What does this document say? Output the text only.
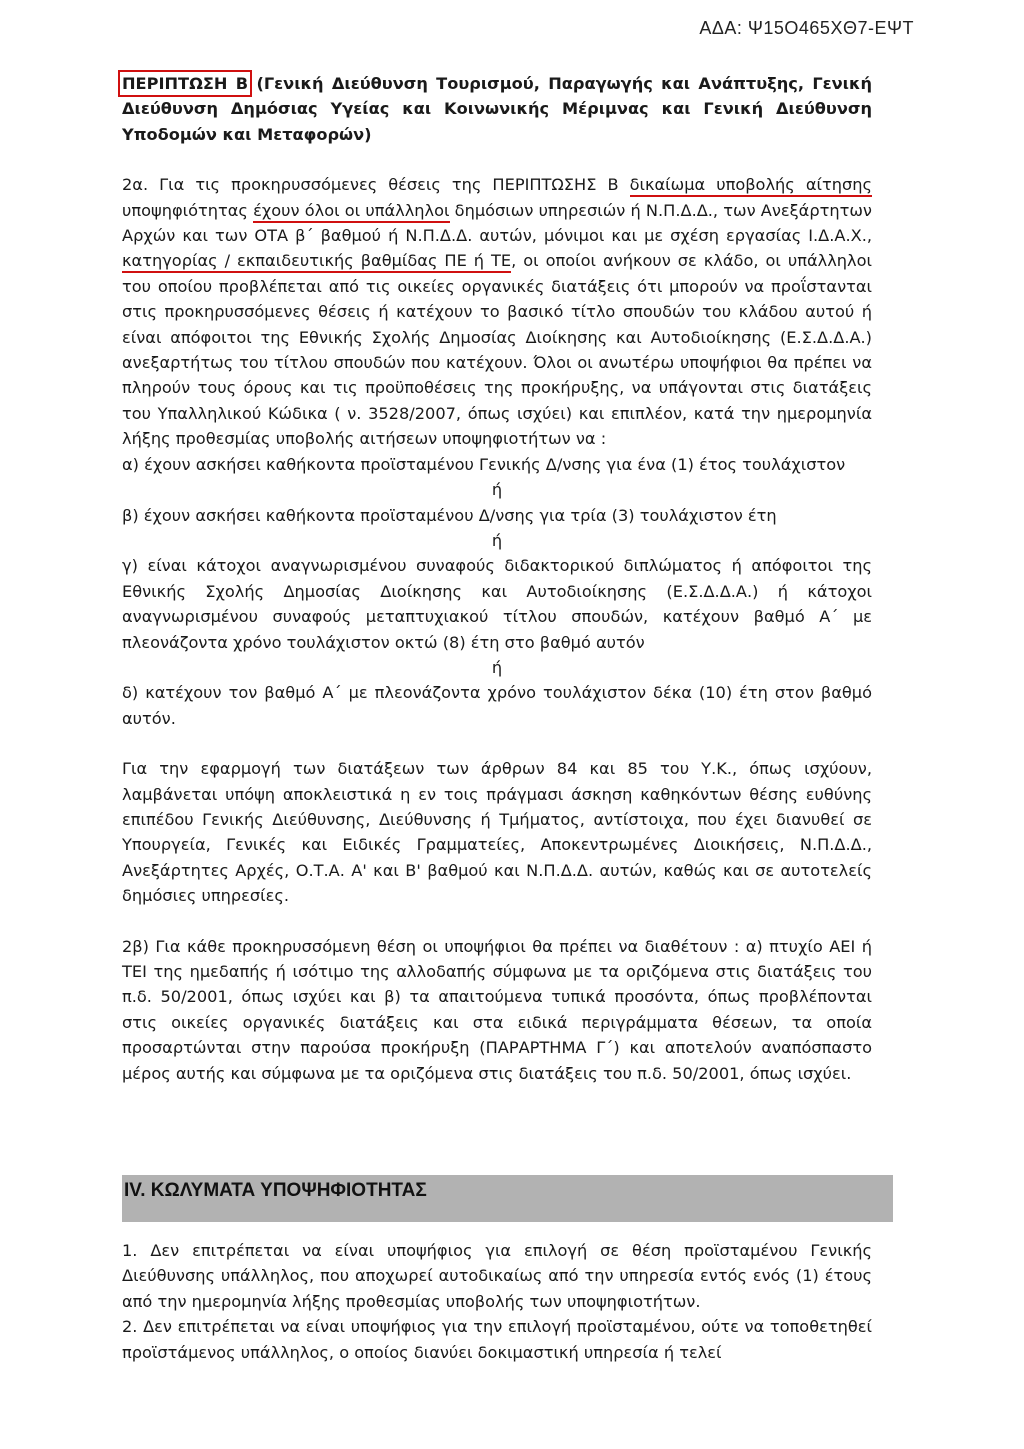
ΑΔΑ: Ψ15Ο465ΧΘ7-ΕΨΤ

ΠΕΡΙΠΤΩΣΗ Β (Γενική Διεύθυνση Τουρισμού, Παραγωγής και Ανάπτυξης, Γενική Διεύθυνση Δημόσιας Υγείας και Κοινωνικής Μέριμνας και Γενική Διεύθυνση Υποδομών και Μεταφορών)

2α. Για τις προκηρυσσόμενες θέσεις της ΠΕΡΙΠΤΩΣΗΣ Β δικαίωμα υποβολής αίτησης υποψηφιότητας έχουν όλοι οι υπάλληλοι δημόσιων υπηρεσιών ή Ν.Π.Δ.Δ., των Ανεξάρτητων Αρχών και των ΟΤΑ β΄ βαθμού ή Ν.Π.Δ.Δ. αυτών, μόνιμοι και με σχέση εργασίας Ι.Δ.Α.Χ., κατηγορίας / εκπαιδευτικής βαθμίδας ΠΕ ή ΤΕ, οι οποίοι ανήκουν σε κλάδο, οι υπάλληλοι του οποίου προβλέπεται από τις οικείες οργανικές διατάξεις ότι μπορούν να προΐστανται στις προκηρυσσόμενες θέσεις ή κατέχουν το βασικό τίτλο σπουδών του κλάδου αυτού ή είναι απόφοιτοι της Εθνικής Σχολής Δημοσίας Διοίκησης και Αυτοδιοίκησης (Ε.Σ.Δ.Δ.Α.) ανεξαρτήτως του τίτλου σπουδών που κατέχουν. Όλοι οι ανωτέρω υποψήφιοι θα πρέπει να πληρούν τους όρους και τις προϋποθέσεις της προκήρυξης, να υπάγονται στις διατάξεις του Υπαλληλικού Κώδικα ( ν. 3528/2007, όπως ισχύει) και επιπλέον, κατά την ημερομηνία λήξης προθεσμίας υποβολής αιτήσεων υποψηφιοτήτων να :

α) έχουν ασκήσει καθήκοντα προϊσταμένου Γενικής Δ/νσης για ένα (1) έτος τουλάχιστον

ή

β) έχουν ασκήσει καθήκοντα προϊσταμένου Δ/νσης για τρία (3) τουλάχιστον έτη

ή

γ) είναι κάτοχοι αναγνωρισμένου συναφούς διδακτορικού διπλώματος ή απόφοιτοι της Εθνικής Σχολής Δημοσίας Διοίκησης και Αυτοδιοίκησης (Ε.Σ.Δ.Δ.Α.) ή κάτοχοι αναγνωρισμένου συναφούς μεταπτυχιακού τίτλου σπουδών, κατέχουν βαθμό Α΄ με πλεονάζοντα χρόνο τουλάχιστον οκτώ (8) έτη στο βαθμό αυτόν

ή

δ) κατέχουν τον βαθμό Α΄ με πλεονάζοντα χρόνο τουλάχιστον δέκα (10) έτη στον βαθμό αυτόν.

Για την εφαρμογή των διατάξεων των άρθρων 84 και 85 του Υ.Κ., όπως ισχύουν, λαμβάνεται υπόψη αποκλειστικά η εν τοις πράγμασι άσκηση καθηκόντων θέσης ευθύνης επιπέδου Γενικής Διεύθυνσης, Διεύθυνσης ή Τμήματος, αντίστοιχα, που έχει διανυθεί σε Υπουργεία, Γενικές και Ειδικές Γραμματείες, Αποκεντρωμένες Διοικήσεις, Ν.Π.Δ.Δ., Ανεξάρτητες Αρχές, Ο.Τ.Α. Α' και Β' βαθμού και Ν.Π.Δ.Δ. αυτών, καθώς και σε αυτοτελείς δημόσιες υπηρεσίες.

2β) Για κάθε προκηρυσσόμενη θέση οι υποψήφιοι θα πρέπει να διαθέτουν : α) πτυχίο ΑΕΙ ή ΤΕΙ της ημεδαπής ή ισότιμο της αλλοδαπής σύμφωνα με τα οριζόμενα στις διατάξεις του π.δ. 50/2001, όπως ισχύει και β) τα απαιτούμενα τυπικά προσόντα, όπως προβλέπονται στις οικείες οργανικές διατάξεις και στα ειδικά περιγράμματα θέσεων, τα οποία προσαρτώνται στην παρούσα προκήρυξη (ΠΑΡΑΡΤΗΜΑ Γ΄) και αποτελούν αναπόσπαστο μέρος αυτής και σύμφωνα με τα οριζόμενα στις διατάξεις του π.δ. 50/2001, όπως ισχύει.

IV. ΚΩΛΥΜΑΤΑ ΥΠΟΨΗΦΙΟΤΗΤΑΣ

1. Δεν επιτρέπεται να είναι υποψήφιος για επιλογή σε θέση προϊσταμένου Γενικής Διεύθυνσης υπάλληλος, που αποχωρεί αυτοδικαίως από την υπηρεσία εντός ενός (1) έτους από την ημερομηνία λήξης προθεσμίας υποβολής των υποψηφιοτήτων.

2. Δεν επιτρέπεται να είναι υποψήφιος για την επιλογή προϊσταμένου, ούτε να τοποθετηθεί προϊστάμενος υπάλληλος, ο οποίος διανύει δοκιμαστική υπηρεσία ή τελεί
